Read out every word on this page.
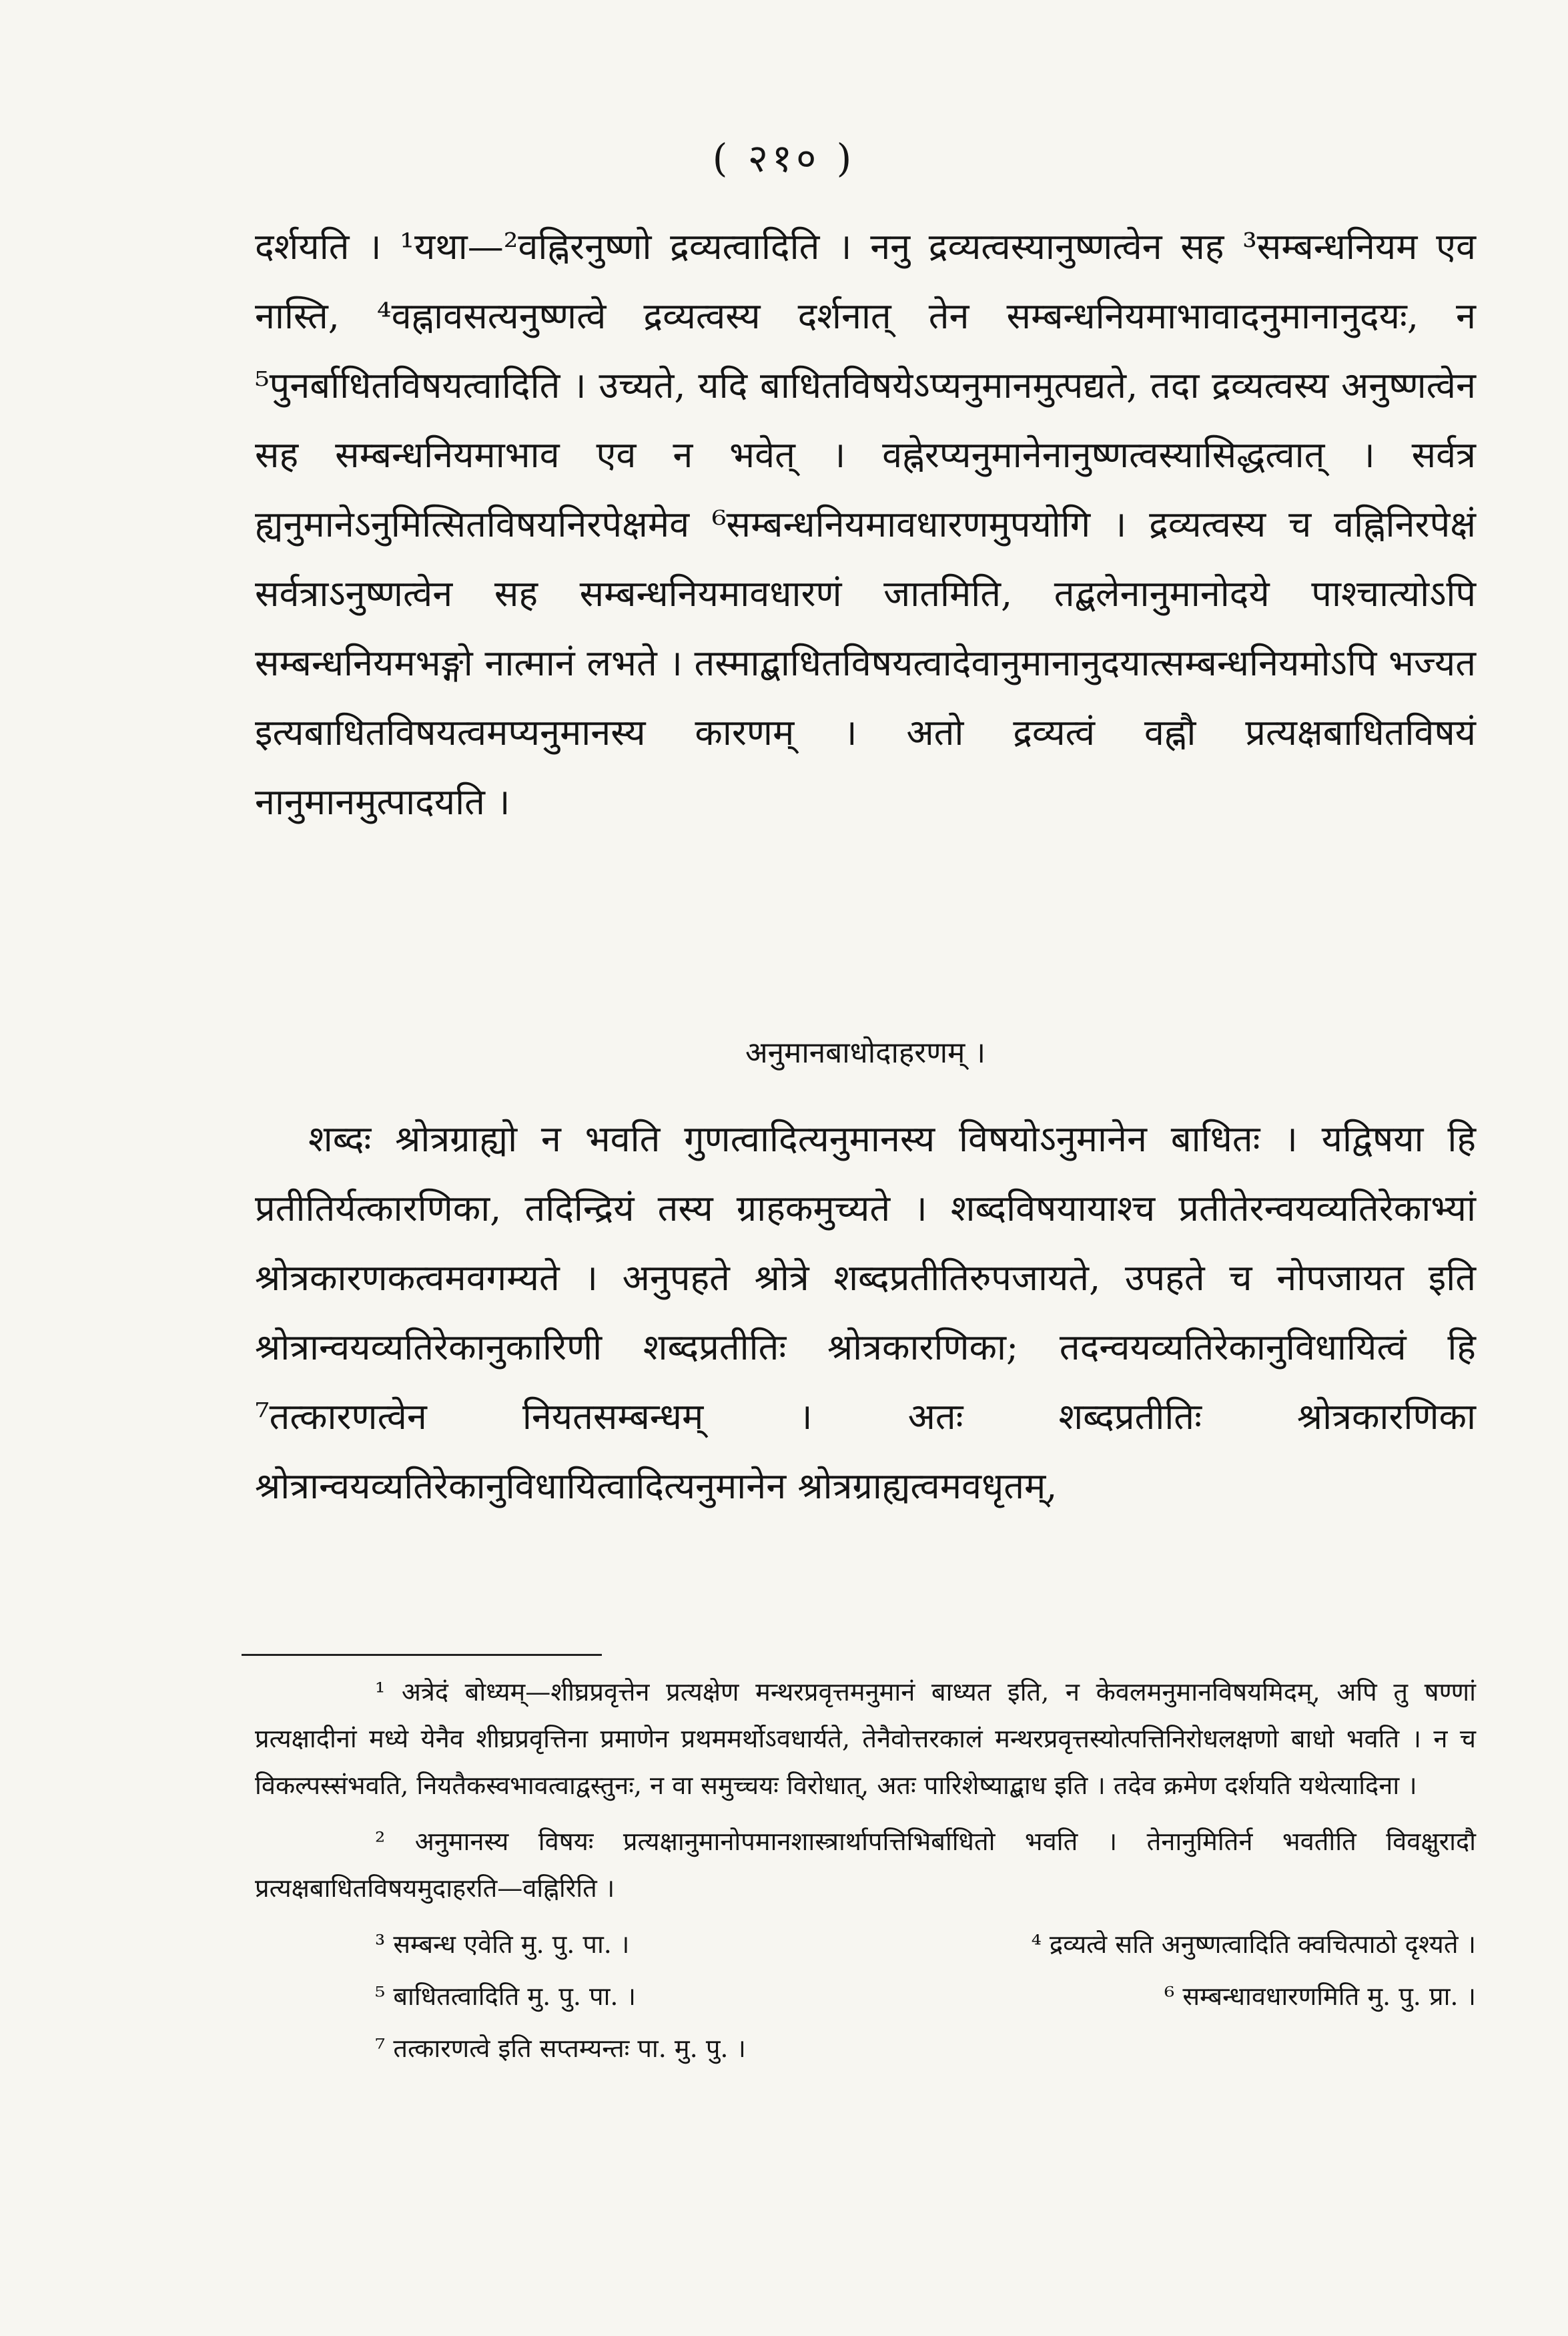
( २१० )

दर्शयति । ¹यथा—²वह्निरनुष्णो द्रव्यत्वादिति । ननु द्रव्यत्वस्यानुष्णत्वेन सह ³सम्बन्धनियम एव नास्ति, ⁴वह्नावसत्यनुष्णत्वे द्रव्यत्वस्य दर्शनात् तेन सम्बन्धनियमाभावादनुमानानुदयः, न ⁵पुनर्बाधितविषयत्वादिति । उच्यते, यदि बाधितविषयेऽप्यनुमानमुत्पद्यते, तदा द्रव्यत्वस्य अनुष्णत्वेन सह सम्बन्धनियमाभाव एव न भवेत् । वह्नेरप्यनुमानेनानुष्णत्वस्यासिद्धत्वात् । सर्वत्र ह्यनुमानेऽनुमित्सितविषयनिरपेक्षमेव ⁶सम्बन्धनियमावधारणमुपयोगि । द्रव्यत्वस्य च वह्निनिरपेक्षं सर्वत्राऽनुष्णत्वेन सह सम्बन्धनियमावधारणं जातमिति, तद्बलेनानुमानोदये पाश्चात्योऽपि सम्बन्धनियमभङ्गो नात्मानं लभते । तस्माद्बाधितविषयत्वादेवानुमानानुदयात्सम्बन्धनियमोऽपि भज्यत इत्यबाधितविषयत्वमप्यनुमानस्य कारणम् । अतो द्रव्यत्वं वह्नौ प्रत्यक्षबाधितविषयं नानुमानमुत्पादयति ।

अनुमानबाधोदाहरणम् ।

शब्दः श्रोत्रग्राह्यो न भवति गुणत्वादित्यनुमानस्य विषयोऽनुमानेन बाधितः । यद्विषया हि प्रतीतिर्यत्कारणिका, तदिन्द्रियं तस्य ग्राहकमुच्यते । शब्दविषयायाश्च प्रतीतेरन्वयव्यतिरेकाभ्यां श्रोत्रकारणकत्वमवगम्यते । अनुपहते श्रोत्रे शब्दप्रतीतिरुपजायते, उपहते च नोपजायत इति श्रोत्रान्वयव्यतिरेकानुकारिणी शब्दप्रतीतिः श्रोत्रकारणिका; तदन्वयव्यतिरेकानुविधायित्वं हि ⁷तत्कारणत्वेन नियतसम्बन्धम् । अतः शब्दप्रतीतिः श्रोत्रकारणिका श्रोत्रान्वयव्यतिरेकानुविधायित्वादित्यनुमानेन श्रोत्रग्राह्यत्वमवधृतम्,

¹ अत्रेदं बोध्यम्—शीघ्रप्रवृत्तेन प्रत्यक्षेण मन्थरप्रवृत्तमनुमानं बाध्यत इति, न केवलमनुमानविषयमिदम्, अपि तु षण्णां प्रत्यक्षादीनां मध्ये येनैव शीघ्रप्रवृत्तिना प्रमाणेन प्रथममर्थोऽवधार्यते, तेनैवोत्तरकालं मन्थरप्रवृत्तस्योत्पत्तिनिरोधलक्षणो बाधो भवति । न च विकल्पस्संभवति, नियतैकस्वभावत्वाद्वस्तुनः, न वा समुच्चयः विरोधात्, अतः पारिशेष्याद्बाध इति । तदेव क्रमेण दर्शयति यथेत्यादिना ।

² अनुमानस्य विषयः प्रत्यक्षानुमानोपमानशास्त्रार्थापत्तिभिर्बाधितो भवति । तेनानुमितिर्न भवतीति विवक्षुरादौ प्रत्यक्षबाधितविषयमुदाहरति—वह्निरिति ।

³ सम्बन्ध एवेति मु. पु. पा. ।	⁴ द्रव्यत्वे सति अनुष्णत्वादिति क्वचित्पाठो दृश्यते ।
⁵ बाधितत्वादिति मु. पु. पा. ।	⁶ सम्बन्धावधारणमिति मु. पु. प्रा. ।
⁷ तत्कारणत्वे इति सप्तम्यन्तः पा. मु. पु. ।
